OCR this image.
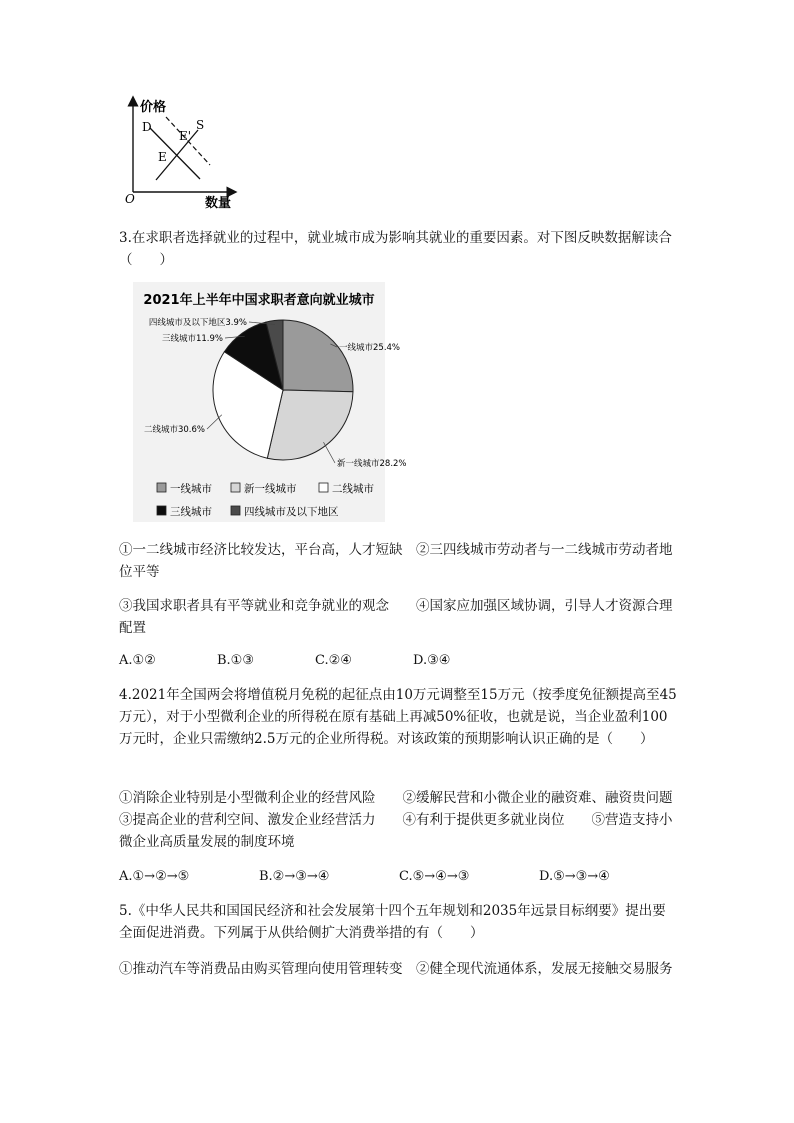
价格
数量
O
D	S
E
E'
3.在求职者选择就业的过程中，就业城市成为影响其就业的重要因素。对下图反映数据解读合（　　）
2021年上半年中国求职者意向就业城市
一线城市25.4%
新一线城市28.2%
二线城市30.6%
三线城市11.9%
四线城市及以下地区3.9%
一线城市	新一线城市	二线城市
三线城市	四线城市及以下地区
①一二线城市经济比较发达，平台高，人才短缺　②三四线城市劳动者与一二线城市劳动者地位平等
③我国求职者具有平等就业和竞争就业的观念　　④国家应加强区域协调，引导人才资源合理配置
A.①②	B.①③	C.②④	D.③④
4.2021年全国两会将增值税月免税的起征点由10万元调整至15万元（按季度免征额提高至45万元），对于小型微利企业的所得税在原有基础上再减50%征收，也就是说，当企业盈利100万元时，企业只需缴纳2.5万元的企业所得税。对该政策的预期影响认识正确的是（　　）
①消除企业特别是小型微利企业的经营风险　　②缓解民营和小微企业的融资难、融资贵问题　　③提高企业的营利空间、激发企业经营活力　　④有利于提供更多就业岗位　　⑤营造支持小微企业高质量发展的制度环境
A.①→②→⑤	B.②→③→④	C.⑤→④→③	D.⑤→③→④
5.《中华人民共和国国民经济和社会发展第十四个五年规划和2035年远景目标纲要》提出要全面促进消费。下列属于从供给侧扩大消费举措的有（　　）
①推动汽车等消费品由购买管理向使用管理转变　②健全现代流通体系，发展无接触交易服务
